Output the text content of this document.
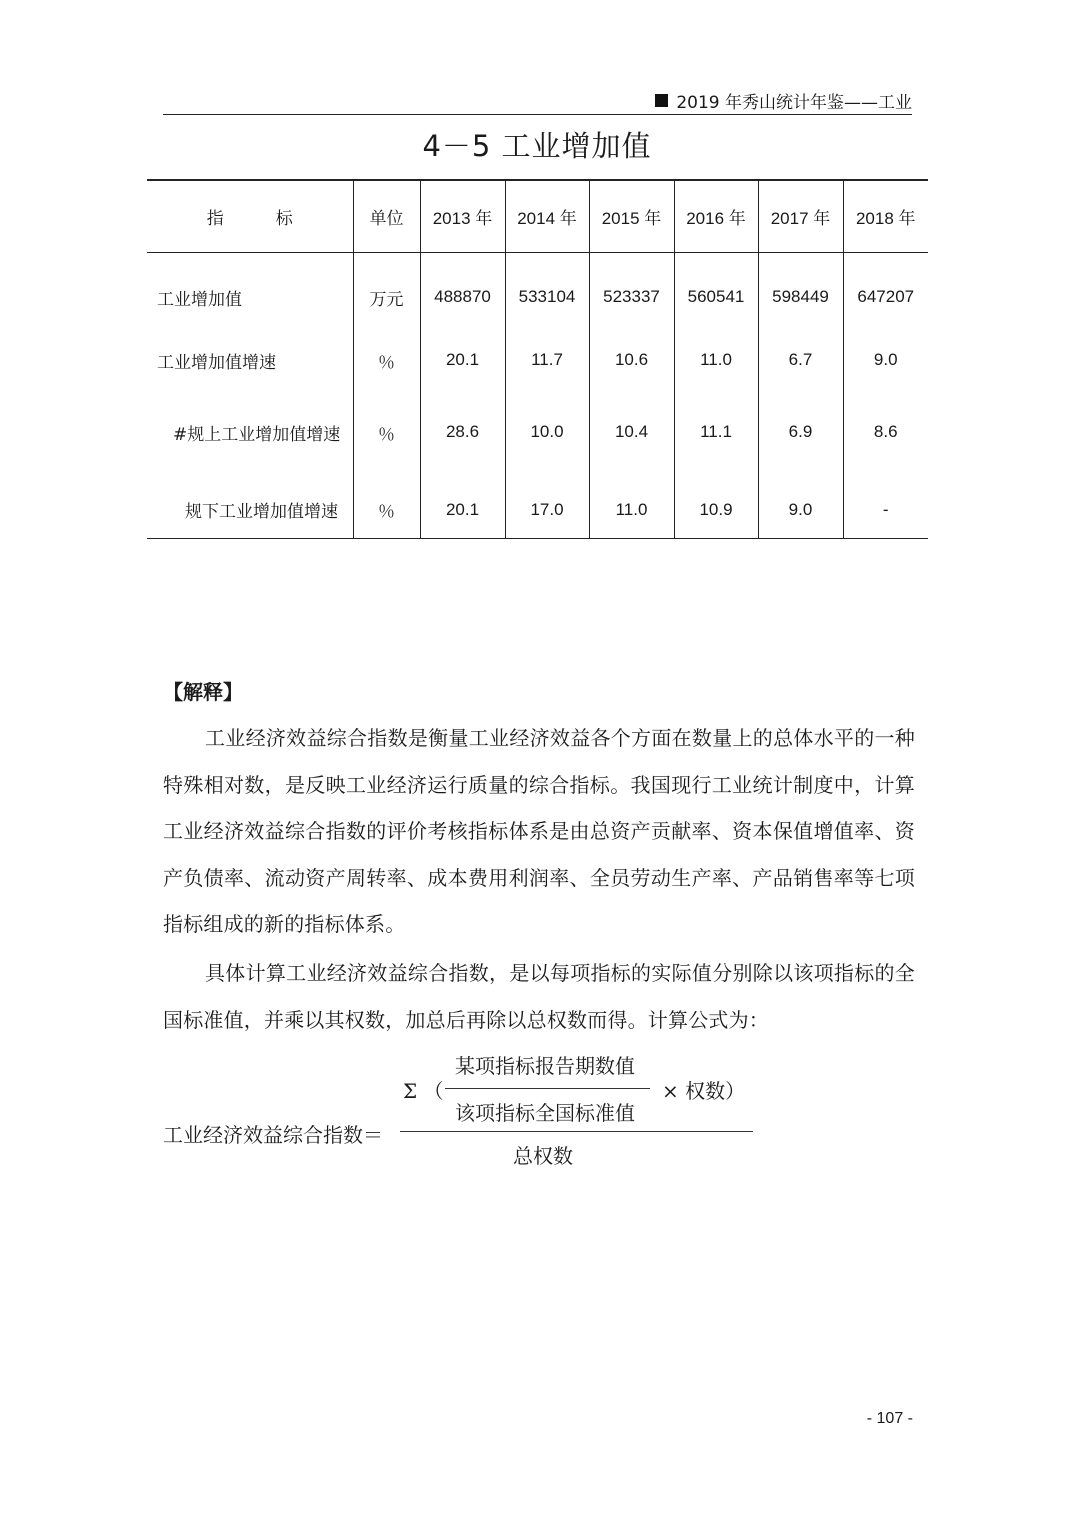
2019 年秀山统计年鉴——工业
4－5 工业增加值
指 标	单位	2013 年	2014 年	2015 年	2016 年	2017 年	2018 年
工业增加值	万元	488870	533104	523337	560541	598449	647207
工业增加值增速	％	20.1	11.7	10.6	11.0	6.7	9.0
#规上工业增加值增速	％	28.6	10.0	10.4	11.1	6.9	8.6
规下工业增加值增速	％	20.1	17.0	11.0	10.9	9.0	-
【解释】
工业经济效益综合指数是衡量工业经济效益各个方面在数量上的总体水平的一种特殊相对数，是反映工业经济运行质量的综合指标。我国现行工业统计制度中，计算工业经济效益综合指数的评价考核指标体系是由总资产贡献率、资本保值增值率、资产负债率、流动资产周转率、成本费用利润率、全员劳动生产率、产品销售率等七项指标组成的新的指标体系。
具体计算工业经济效益综合指数，是以每项指标的实际值分别除以该项指标的全国标准值，并乘以其权数，加总后再除以总权数而得。计算公式为：
某项指标报告期数值
Σ （	× 权数）
该项指标全国标准值
工业经济效益综合指数＝
总权数
- 107 -
